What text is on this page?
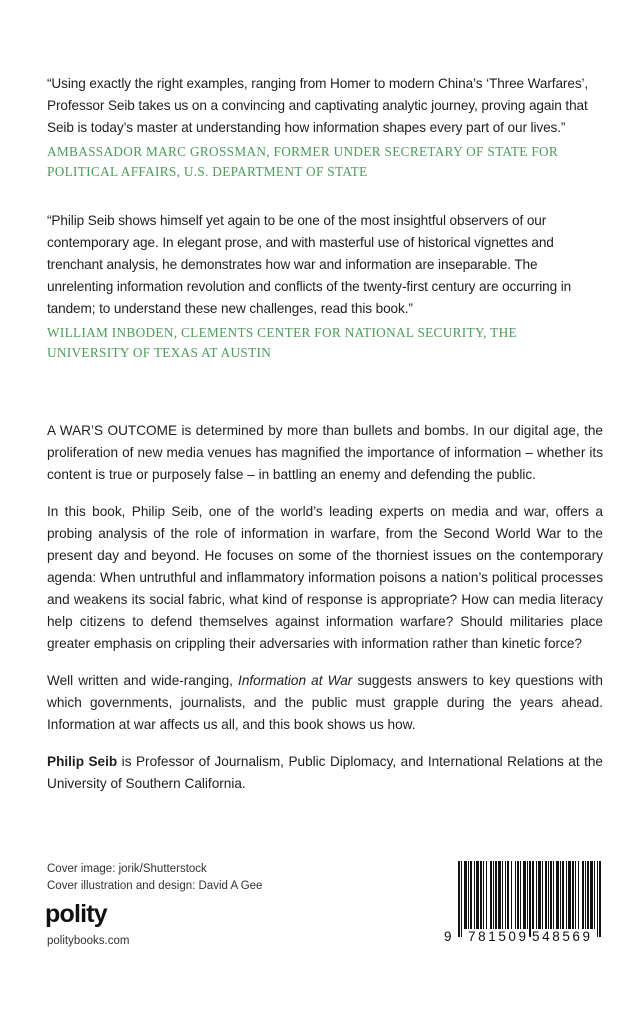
“Using exactly the right examples, ranging from Homer to modern China’s ‘Three Warfares’, Professor Seib takes us on a convincing and captivating analytic journey, proving again that Seib is today’s master at understanding how information shapes every part of our lives.”

AMBASSADOR MARC GROSSMAN, FORMER UNDER SECRETARY OF STATE FOR POLITICAL AFFAIRS, U.S. DEPARTMENT OF STATE

“Philip Seib shows himself yet again to be one of the most insightful observers of our contemporary age. In elegant prose, and with masterful use of historical vignettes and trenchant analysis, he demonstrates how war and information are inseparable. The unrelenting information revolution and conflicts of the twenty-first century are occurring in tandem; to understand these new challenges, read this book.”

WILLIAM INBODEN, CLEMENTS CENTER FOR NATIONAL SECURITY, THE UNIVERSITY OF TEXAS AT AUSTIN

A WAR’S OUTCOME is determined by more than bullets and bombs. In our digital age, the proliferation of new media venues has magnified the importance of information – whether its content is true or purposely false – in battling an enemy and defending the public.

In this book, Philip Seib, one of the world’s leading experts on media and war, offers a probing analysis of the role of information in warfare, from the Second World War to the present day and beyond. He focuses on some of the thorniest issues on the contemporary agenda: When untruthful and inflammatory information poisons a nation’s political processes and weakens its social fabric, what kind of response is appropriate? How can media literacy help citizens to defend themselves against information warfare? Should militaries place greater emphasis on crippling their adversaries with information rather than kinetic force?

Well written and wide-ranging, Information at War suggests answers to key questions with which governments, journalists, and the public must grapple during the years ahead. Information at war affects us all, and this book shows us how.

Philip Seib is Professor of Journalism, Public Diplomacy, and International Relations at the University of Southern California.

Cover image: jorik/Shutterstock
Cover illustration and design: David A Gee
polity
politybooks.com	9 781509 548569
